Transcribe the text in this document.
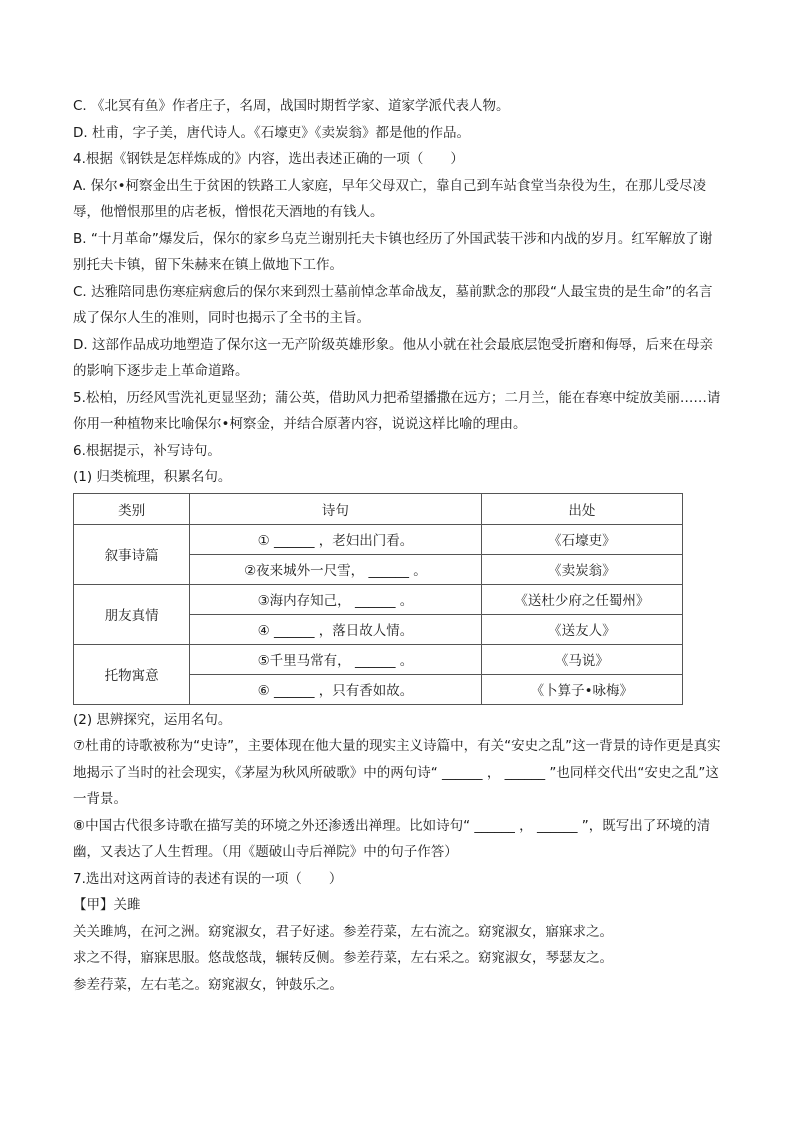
C. 《北冥有鱼》作者庄子，名周，战国时期哲学家、道家学派代表人物。

D. 杜甫，字子美，唐代诗人。《石壕吏》《卖炭翁》都是他的作品。

4.根据《钢铁是怎样炼成的》内容，选出表述正确的一项（　　）

A. 保尔•柯察金出生于贫困的铁路工人家庭，早年父母双亡，靠自己到车站食堂当杂役为生，在那儿受尽凌辱，他憎恨那里的店老板，憎恨花天酒地的有钱人。

B. “十月革命”爆发后，保尔的家乡乌克兰谢别托夫卡镇也经历了外国武装干涉和内战的岁月。红军解放了谢别托夫卡镇，留下朱赫来在镇上做地下工作。

C. 达雅陪同患伤寒症病愈后的保尔来到烈士墓前悼念革命战友，墓前默念的那段“人最宝贵的是生命”的名言成了保尔人生的准则，同时也揭示了全书的主旨。

D. 这部作品成功地塑造了保尔这一无产阶级英雄形象。他从小就在社会最底层饱受折磨和侮辱，后来在母亲的影响下逐步走上革命道路。

5.松柏，历经风雪洗礼更显坚劲；蒲公英，借助风力把希望播撒在远方；二月兰，能在春寒中绽放美丽……请你用一种植物来比喻保尔•柯察金，并结合原著内容，说说这样比喻的理由。

6.根据提示，补写诗句。

(1) 归类梳理，积累名句。

类别	诗句	出处
叙事诗篇	① ______ ，老妇出门看。	《石壕吏》
	②夜来城外一尺雪， ______ 。	《卖炭翁》
朋友真情	③海内存知己， ______ 。	《送杜少府之任蜀州》
	④ ______ ，落日故人情。	《送友人》
托物寓意	⑤千里马常有， ______ 。	《马说》
	⑥ ______ ，只有香如故。	《卜算子•咏梅》

(2) 思辨探究，运用名句。

⑦杜甫的诗歌被称为“史诗”，主要体现在他大量的现实主义诗篇中，有关“安史之乱”这一背景的诗作更是真实地揭示了当时的社会现实，《茅屋为秋风所破歌》中的两句诗“ ______ ， ______ ”也同样交代出“安史之乱”这一背景。

⑧中国古代很多诗歌在描写美的环境之外还渗透出禅理。比如诗句“ ______ ， ______ ”，既写出了环境的清幽，又表达了人生哲理。（用《题破山寺后禅院》中的句子作答）

7.选出对这两首诗的表述有误的一项（　　）

【甲】关雎

关关雎鸠，在河之洲。窈窕淑女，君子好逑。参差荇菜，左右流之。窈窕淑女，寤寐求之。

求之不得，寤寐思服。悠哉悠哉，辗转反侧。参差荇菜，左右采之。窈窕淑女，琴瑟友之。

参差荇菜，左右芼之。窈窕淑女，钟鼓乐之。
